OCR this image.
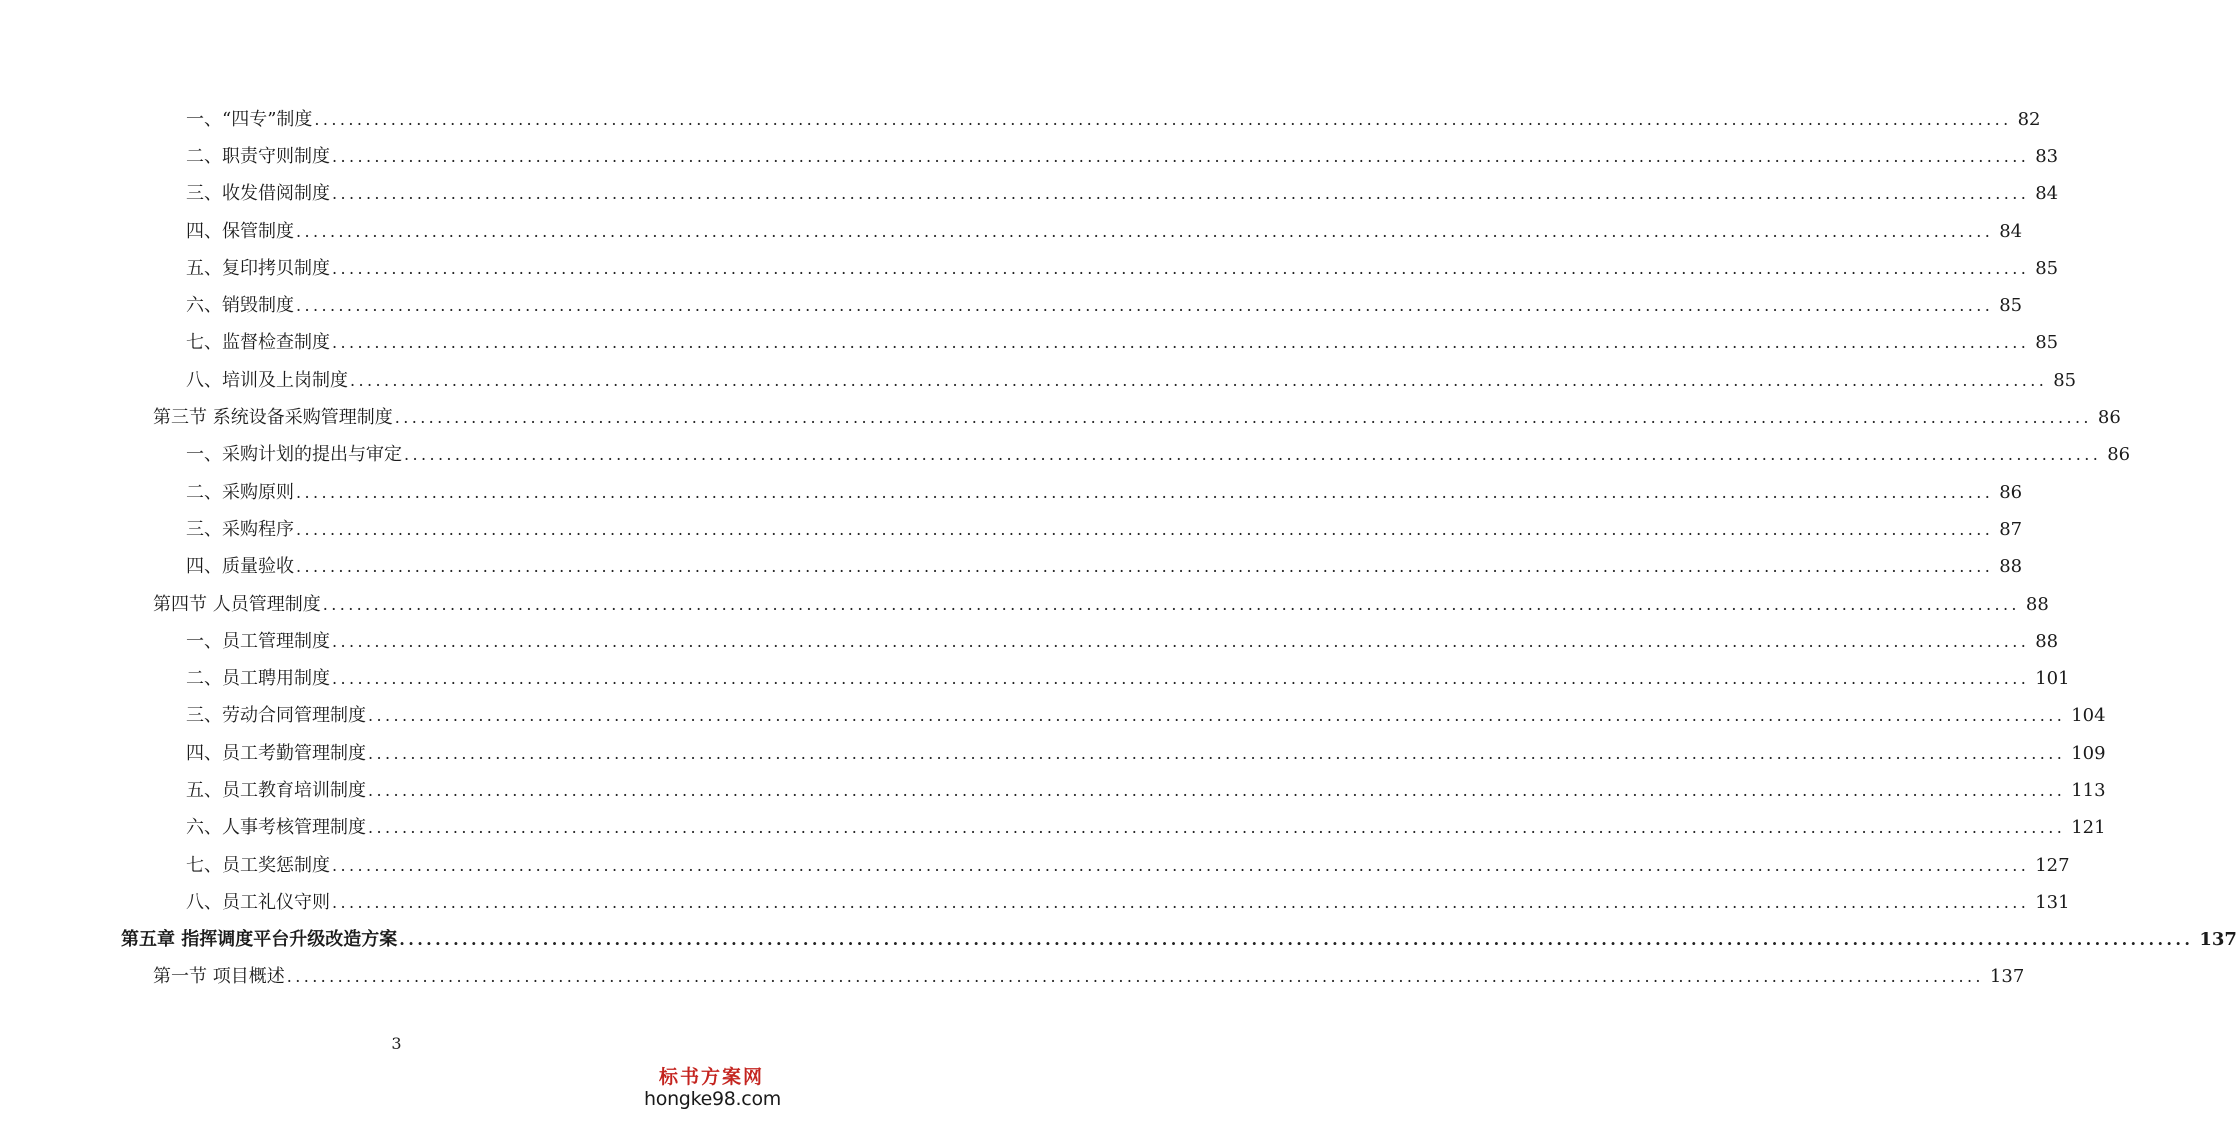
一、“四专”制度 ........................................................................................................................................................................................................ 82
二、职责守则制度 ........................................................................................................................................................................................................ 83
三、收发借阅制度 ........................................................................................................................................................................................................ 84
四、保管制度 ........................................................................................................................................................................................................ 84
五、复印拷贝制度 ........................................................................................................................................................................................................ 85
六、销毁制度 ........................................................................................................................................................................................................ 85
七、监督检查制度 ........................................................................................................................................................................................................ 85
八、培训及上岗制度 ........................................................................................................................................................................................................ 85
第三节 系统设备采购管理制度 ........................................................................................................................................................................................................ 86
一、采购计划的提出与审定 ........................................................................................................................................................................................................ 86
二、采购原则 ........................................................................................................................................................................................................ 86
三、采购程序 ........................................................................................................................................................................................................ 87
四、质量验收 ........................................................................................................................................................................................................ 88
第四节 人员管理制度 ........................................................................................................................................................................................................ 88
一、员工管理制度 ........................................................................................................................................................................................................ 88
二、员工聘用制度 ........................................................................................................................................................................................................ 101
三、劳动合同管理制度 ........................................................................................................................................................................................................ 104
四、员工考勤管理制度 ........................................................................................................................................................................................................ 109
五、员工教育培训制度 ........................................................................................................................................................................................................ 113
六、人事考核管理制度 ........................................................................................................................................................................................................ 121
七、员工奖惩制度 ........................................................................................................................................................................................................ 127
八、员工礼仪守则 ........................................................................................................................................................................................................ 131
第五章 指挥调度平台升级改造方案 ........................................................................................................................................................................................................ 137
第一节 项目概述 ........................................................................................................................................................................................................ 137
3
标书方案网
hongke98.com
